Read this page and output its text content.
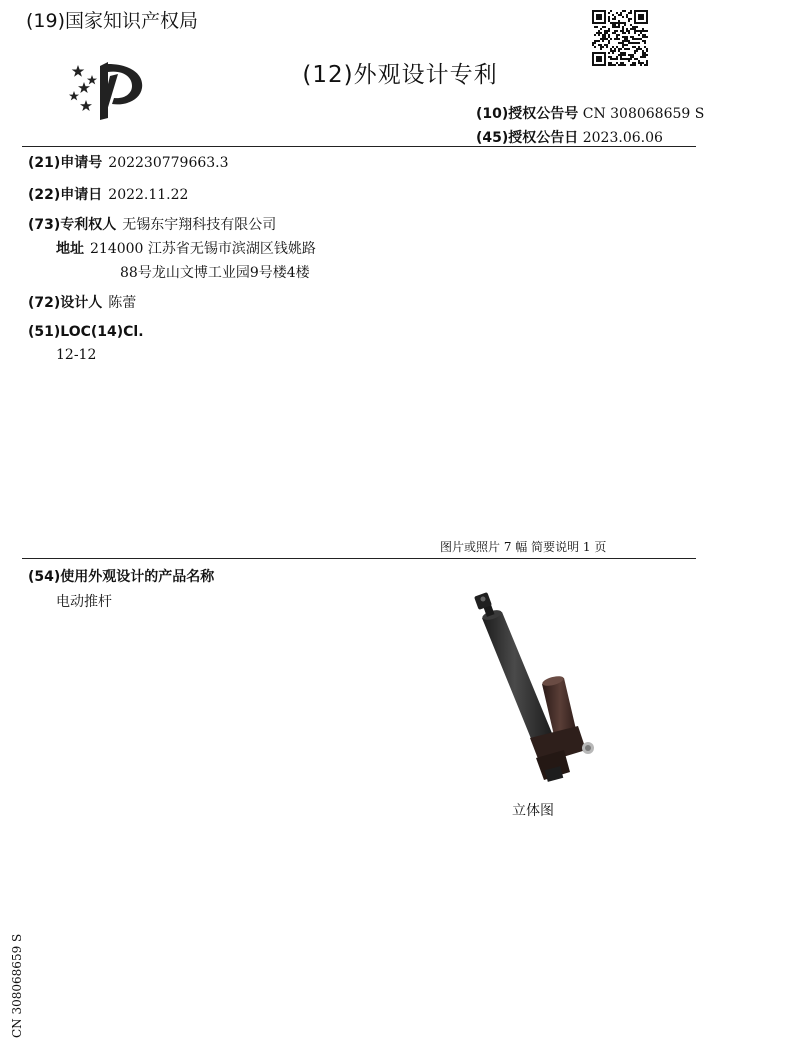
(19)国家知识产权局
(12)外观设计专利
(10)授权公告号 CN 308068659 S
(45)授权公告日 2023.06.06
(21)申请号 202230779663.3
(22)申请日 2022.11.22
(73)专利权人 无锡东宇翔科技有限公司
地址 214000 江苏省无锡市滨湖区钱姚路
88号龙山文博工业园9号楼4楼
(72)设计人 陈蕾
(51)LOC(14)Cl.
12-12
图片或照片 7 幅 简要说明 1 页
(54)使用外观设计的产品名称
电动推杆
立体图
CN 308068659 S
